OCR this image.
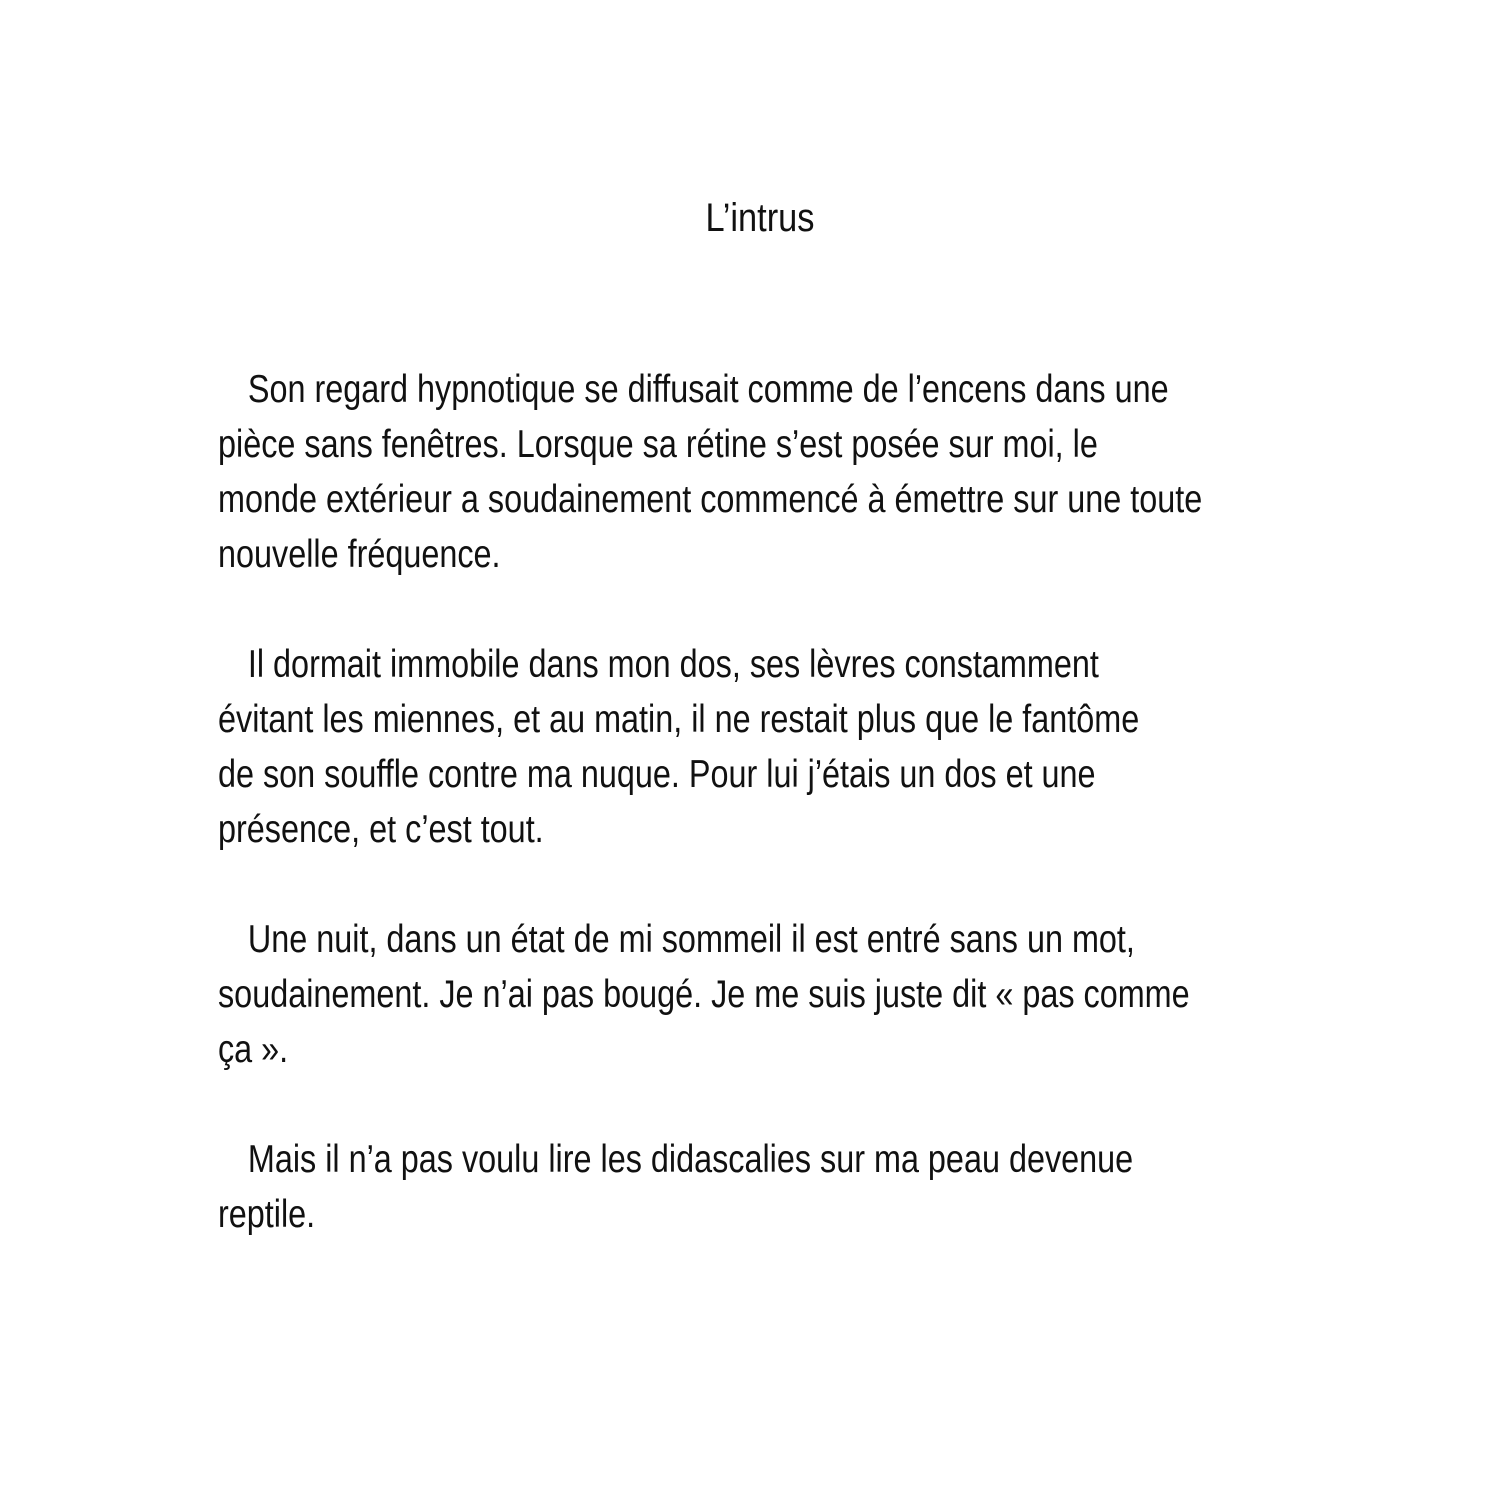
L’intrus

Son regard hypnotique se diffusait comme de l’encens dans une
pièce sans fenêtres. Lorsque sa rétine s’est posée sur moi, le
monde extérieur a soudainement commencé à émettre sur une toute
nouvelle fréquence.

Il dormait immobile dans mon dos, ses lèvres constamment
évitant les miennes, et au matin, il ne restait plus que le fantôme
de son souffle contre ma nuque. Pour lui j’étais un dos et une
présence, et c’est tout.

Une nuit, dans un état de mi sommeil il est entré sans un mot,
soudainement. Je n’ai pas bougé. Je me suis juste dit « pas comme
ça ».

Mais il n’a pas voulu lire les didascalies sur ma peau devenue
reptile.
